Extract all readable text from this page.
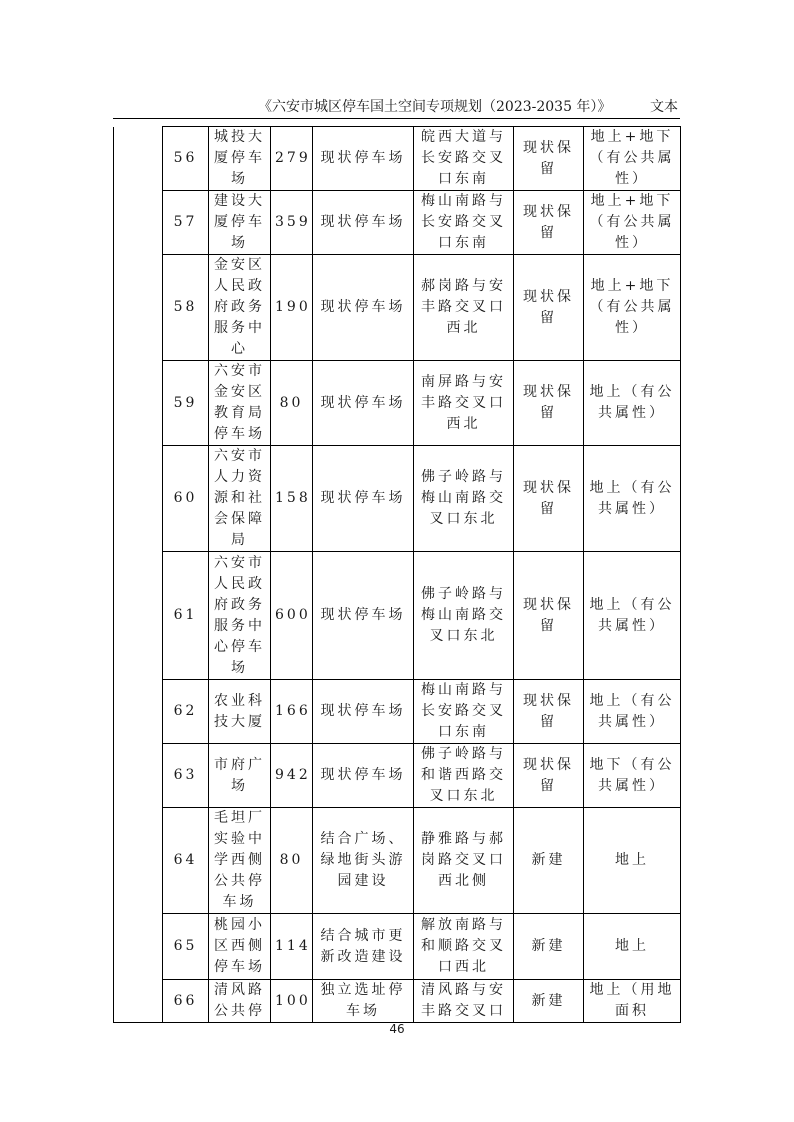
《六安市城区停车国土空间专项规划（2023-2035 年）》	文本
	56	城投大厦停车场	279	现状停车场	皖西大道与长安路交叉口东南	现状保留	地上+地下（有公共属性）
	57	建设大厦停车场	359	现状停车场	梅山南路与长安路交叉口东南	现状保留	地上+地下（有公共属性）
	58	金安区人民政府政务服务中心	190	现状停车场	郝岗路与安丰路交叉口西北	现状保留	地上+地下（有公共属性）
	59	六安市金安区教育局停车场	80	现状停车场	南屏路与安丰路交叉口西北	现状保留	地上（有公共属性）
	60	六安市人力资源和社会保障局	158	现状停车场	佛子岭路与梅山南路交叉口东北	现状保留	地上（有公共属性）
	61	六安市人民政府政务服务中心停车场	600	现状停车场	佛子岭路与梅山南路交叉口东北	现状保留	地上（有公共属性）
	62	农业科技大厦	166	现状停车场	梅山南路与长安路交叉口东南	现状保留	地上（有公共属性）
	63	市府广场	942	现状停车场	佛子岭路与和谐西路交叉口东北	现状保留	地下（有公共属性）
	64	毛坦厂实验中学西侧公共停车场	80	结合广场、绿地街头游园建设	静雅路与郝岗路交叉口西北侧	新建	地上
	65	桃园小区西侧停车场	114	结合城市更新改造建设	解放南路与和顺路交叉口西北	新建	地上
	66	清风路公共停	100	独立选址停车场	清风路与安丰路交叉口	新建	地上（用地面积
46
